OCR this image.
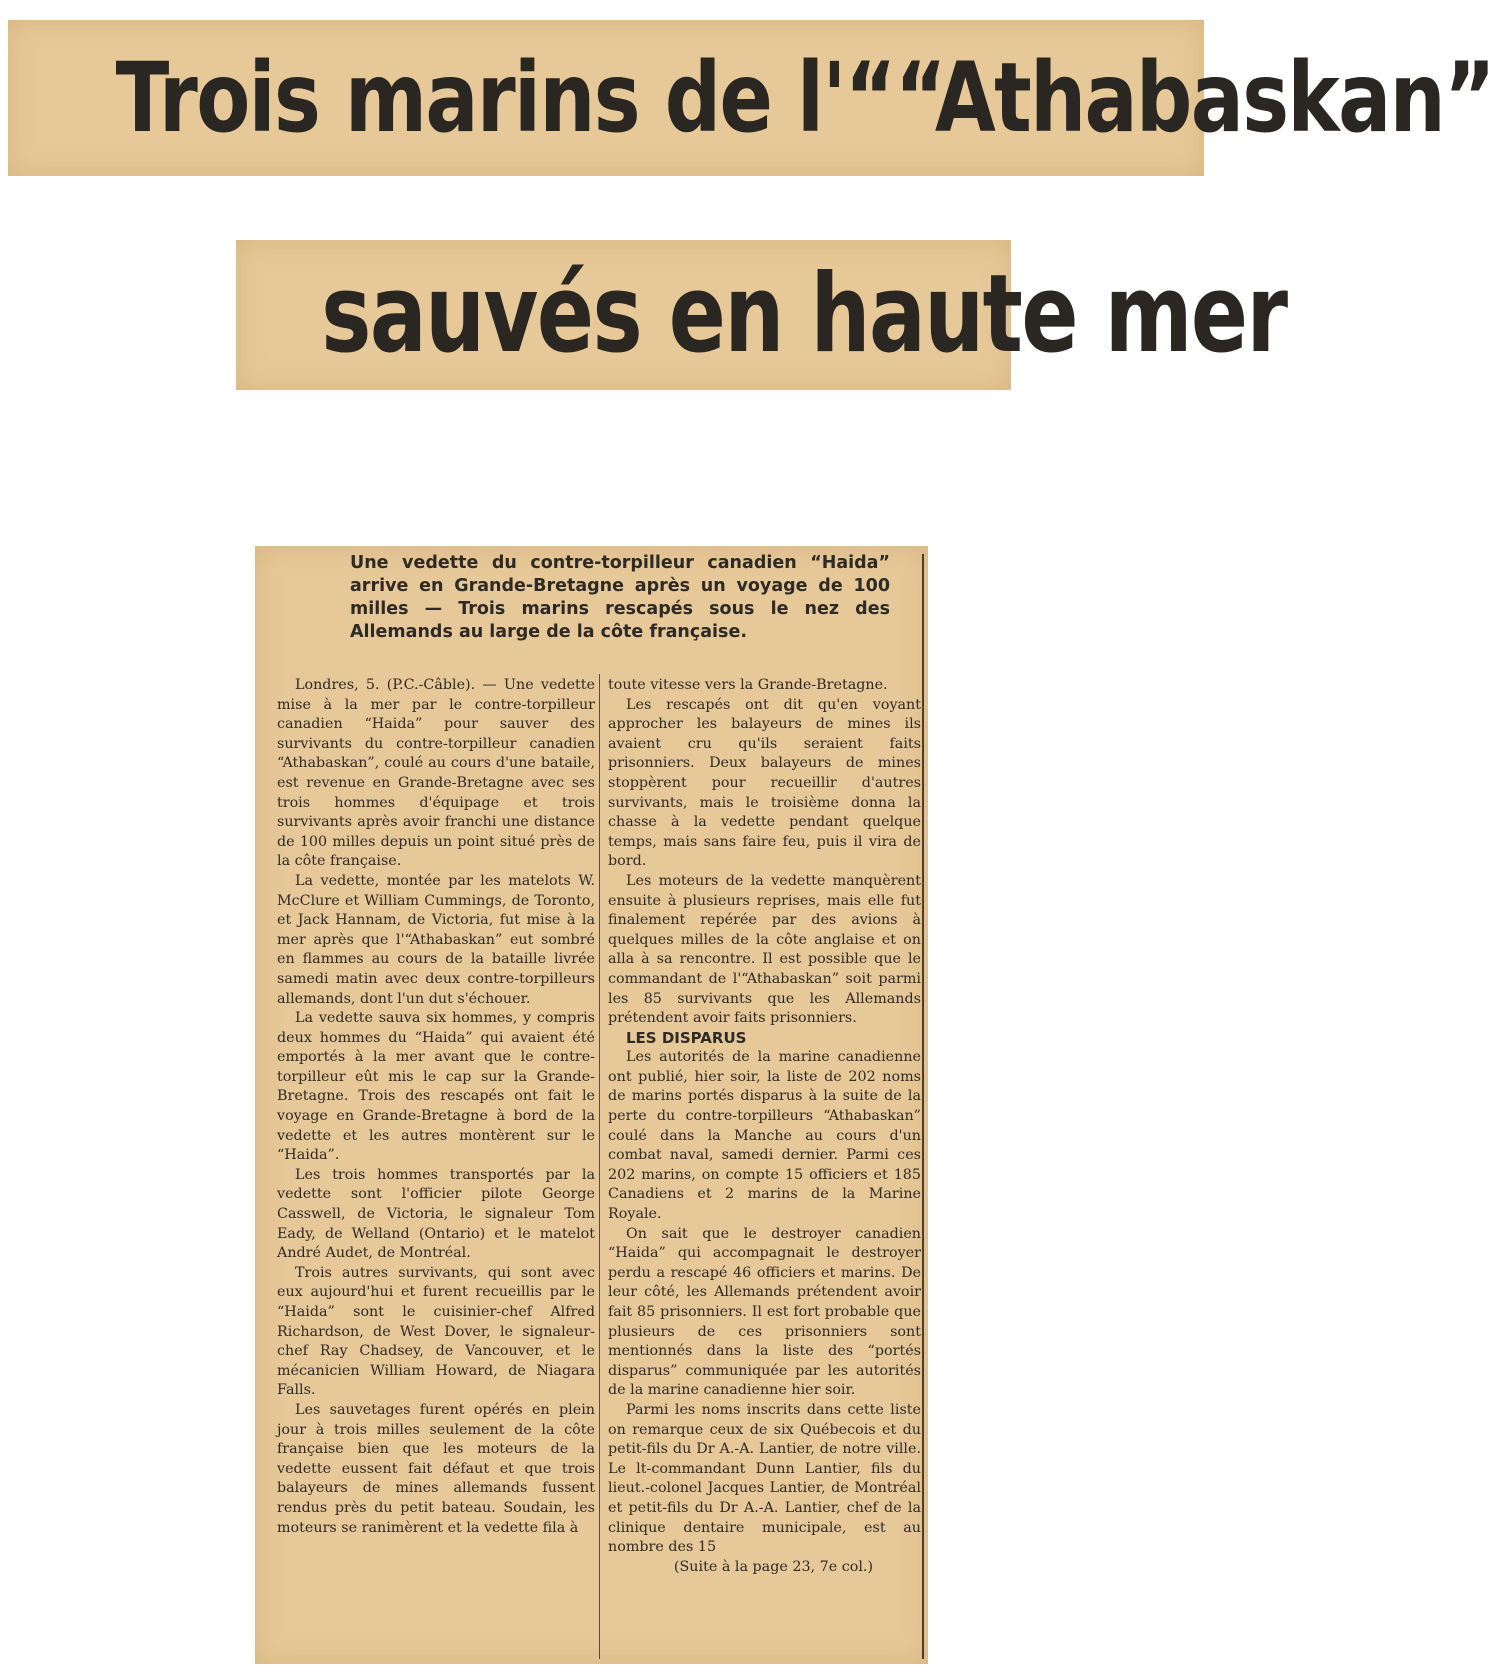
Trois marins de l'““Athabaskan”
sauvés en haute mer
Une vedette du contre-torpilleur canadien “Haida” arrive en Grande-Bretagne après un voyage de 100 milles — Trois marins rescapés sous le nez des Allemands au large de la côte française.

Londres, 5. (P.C.-Câble). — Une vedette mise à la mer par le contre-torpilleur canadien “Haida” pour sauver des survivants du contre-torpilleur canadien “Athabaskan”, coulé au cours d'une bataile, est revenue en Grande-Bretagne avec ses trois hommes d'équipage et trois survivants après avoir franchi une distance de 100 milles depuis un point situé près de la côte française.

La vedette, montée par les matelots W. McClure et William Cummings, de Toronto, et Jack Hannam, de Victoria, fut mise à la mer après que l'“Athabaskan” eut sombré en flammes au cours de la bataille livrée samedi matin avec deux contre-torpilleurs allemands, dont l'un dut s'échouer.

La vedette sauva six hommes, y compris deux hommes du “Haida” qui avaient été emportés à la mer avant que le contre-torpilleur eût mis le cap sur la Grande-Bretagne. Trois des rescapés ont fait le voyage en Grande-Bretagne à bord de la vedette et les autres montèrent sur le “Haida”.

Les trois hommes transportés par la vedette sont l'officier pilote George Casswell, de Victoria, le signaleur Tom Eady, de Welland (Ontario) et le matelot André Audet, de Montréal.

Trois autres survivants, qui sont avec eux aujourd'hui et furent recueillis par le “Haida” sont le cuisinier-chef Alfred Richardson, de West Dover, le signaleur-chef Ray Chadsey, de Vancouver, et le mécanicien William Howard, de Niagara Falls.

Les sauvetages furent opérés en plein jour à trois milles seulement de la côte française bien que les moteurs de la vedette eussent fait défaut et que trois balayeurs de mines allemands fussent rendus près du petit bateau. Soudain, les moteurs se ranimèrent et la vedette fila à

toute vitesse vers la Grande-Bretagne.

Les rescapés ont dit qu'en voyant approcher les balayeurs de mines ils avaient cru qu'ils seraient faits prisonniers. Deux balayeurs de mines stoppèrent pour recueillir d'autres survivants, mais le troisième donna la chasse à la vedette pendant quelque temps, mais sans faire feu, puis il vira de bord.

Les moteurs de la vedette manquèrent ensuite à plusieurs reprises, mais elle fut finalement repérée par des avions à quelques milles de la côte anglaise et on alla à sa rencontre. Il est possible que le commandant de l'“Athabaskan” soit parmi les 85 survivants que les Allemands prétendent avoir faits prisonniers.

LES DISPARUS

Les autorités de la marine canadienne ont publié, hier soir, la liste de 202 noms de marins portés disparus à la suite de la perte du contre-torpilleurs “Athabaskan” coulé dans la Manche au cours d'un combat naval, samedi dernier. Parmi ces 202 marins, on compte 15 officiers et 185 Canadiens et 2 marins de la Marine Royale.

On sait que le destroyer canadien “Haida” qui accompagnait le destroyer perdu a rescapé 46 officiers et marins. De leur côté, les Allemands prétendent avoir fait 85 prisonniers. Il est fort probable que plusieurs de ces prisonniers sont mentionnés dans la liste des “portés disparus” communiquée par les autorités de la marine canadienne hier soir.

Parmi les noms inscrits dans cette liste on remarque ceux de six Québecois et du petit-fils du Dr A.-A. Lantier, de notre ville. Le lt-commandant Dunn Lantier, fils du lieut.-colonel Jacques Lantier, de Montréal et petit-fils du Dr A.-A. Lantier, chef de la clinique dentaire municipale, est au nombre des 15

(Suite à la page 23, 7e col.)
